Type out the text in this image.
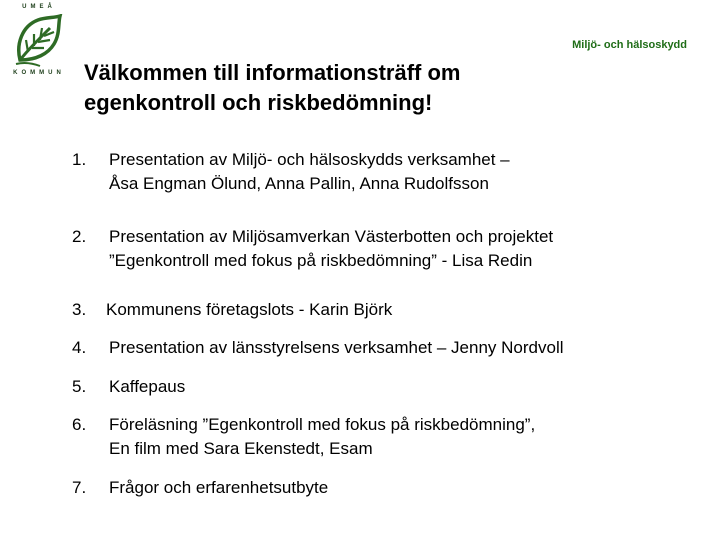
UMEÅ
KOMMUN
Miljö- och hälsoskydd
Välkommen till informationsträff om egenkontroll och riskbedömning!
1.	Presentation av Miljö- och hälsoskydds verksamhet –
Åsa Engman Ölund, Anna Pallin, Anna Rudolfsson
2.	Presentation av Miljösamverkan Västerbotten och projektet
”Egenkontroll med fokus på riskbedömning” - Lisa Redin
3.	Kommunens företagslots - Karin Björk
4.	Presentation av länsstyrelsens verksamhet – Jenny Nordvoll
5.	Kaffepaus
6.	Föreläsning ”Egenkontroll med fokus på riskbedömning”,
En film med Sara Ekenstedt, Esam
7.	Frågor och erfarenhetsutbyte
